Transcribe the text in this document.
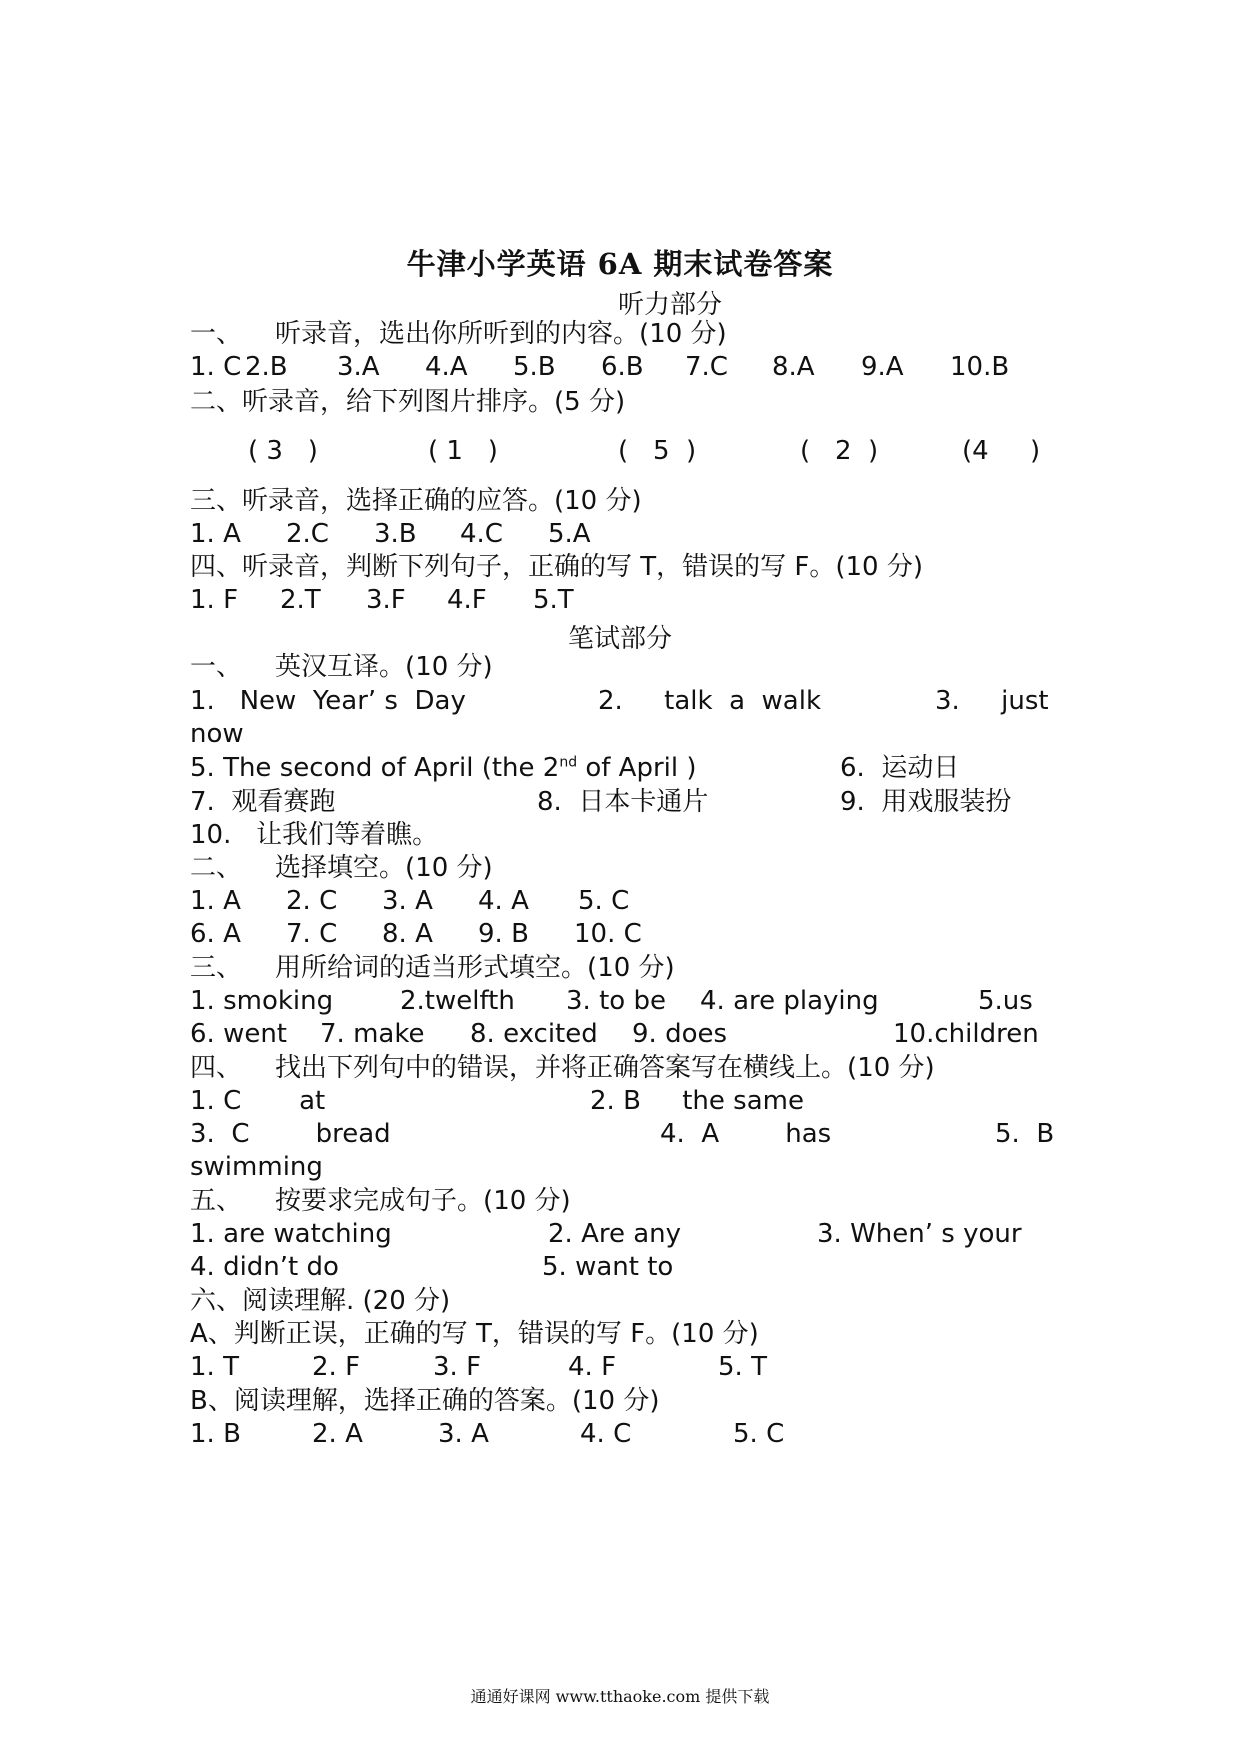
牛津小学英语 6A 期末试卷答案
听力部分
一、    听录音，选出你所听到的内容。(10 分)
1. C 2.B 3.A 4.A 5.B 6.B 7.C 8.A 9.A 10.B
二、听录音，给下列图片排序。(5 分)
( 3   )	( 1   )	(   5  )	(   2  )	(4     )
三、听录音，选择正确的应答。(10 分)
1. A 2.C 3.B 4.C 5.A
四、听录音，判断下列句子，正确的写 T，错误的写 F。(10 分)
1. F 2.T 3.F 4.F 5.T
笔试部分
一、    英汉互译。(10 分)
1.   New  Year’ s  Day	2.     talk  a  walk	3.     just
now
5. The second of April (the 2nd of April )	6.  运动日
7.  观看赛跑	8.  日本卡通片	9.  用戏服装扮
10.   让我们等着瞧。
二、    选择填空。(10 分)
1. A 2. C 3. A 4. A 5. C
6. A 7. C 8. A 9. B 10. C
三、    用所给词的适当形式填空。(10 分)
1. smoking	2.twelfth 3. to be 4. are playing	5.us
6. went 7. make 8. excited 9. does	10.children
四、    找出下列句中的错误，并将正确答案写在横线上。(10 分)
1. C       at	2. B     the same
3.  C        bread	4.  A        has	5.  B
swimming
五、    按要求完成句子。(10 分)
1. are watching	2. Are any	3. When’ s your
4. didn’t do	5. want to
六、阅读理解. (20 分)
A、判断正误，正确的写 T，错误的写 F。(10 分)
1. T	2. F	3. F	4. F	5. T
B、阅读理解，选择正确的答案。(10 分)
1. B	2. A	3. A	4. C	5. C
通通好课网 www.tthaoke.com 提供下载
